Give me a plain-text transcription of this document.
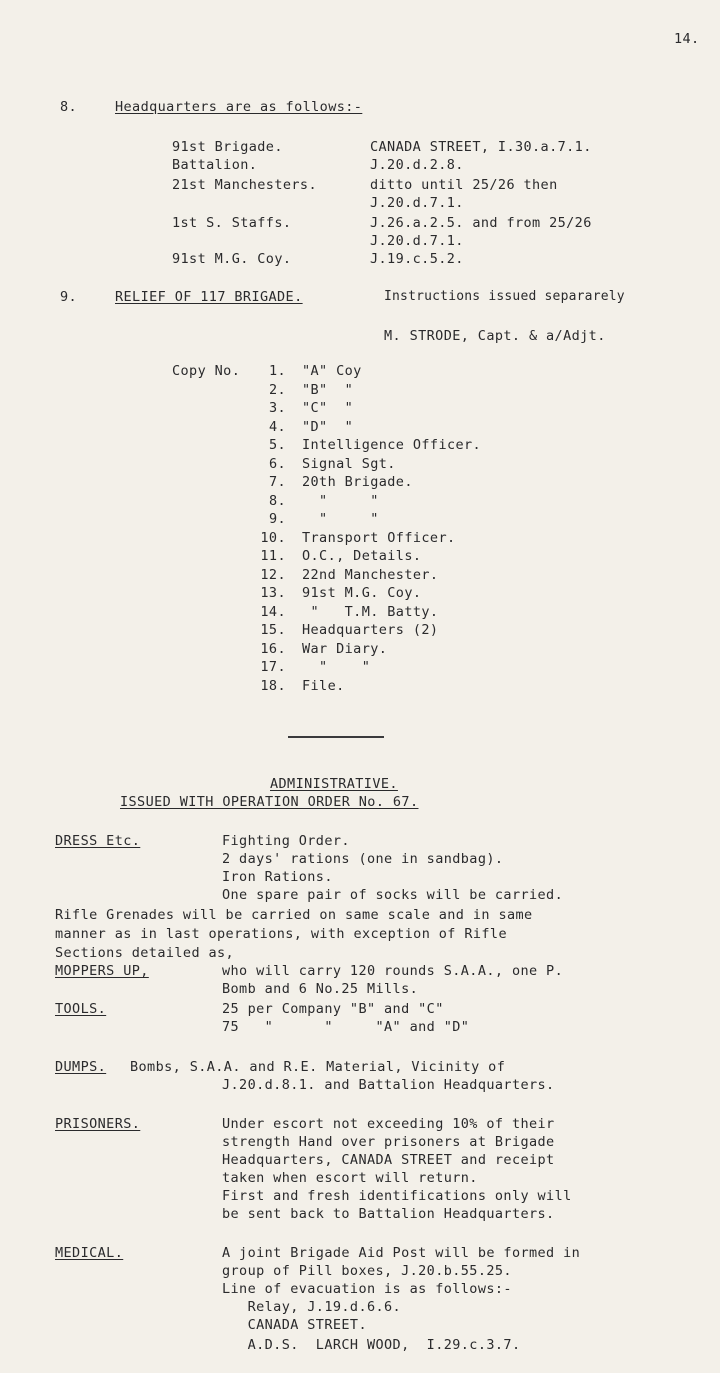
14.
8.	Headquarters are as follows:-
91st Brigade.	CANADA STREET, I.30.a.7.1.
Battalion.	J.20.d.2.8.
21st Manchesters.	ditto until 25/26 then
J.20.d.7.1.
1st S. Staffs.	J.26.a.2.5. and from 25/26
J.20.d.7.1.
91st M.G. Coy.	J.19.c.5.2.
9.	RELIEF OF 117 BRIGADE.	Instructions issued separarely
M. STRODE, Capt. & a/Adjt.
Copy No.	1. "A" Coy
2. "B"  "
3. "C"  "
4. "D"  "
5. Intelligence Officer.
6. Signal Sgt.
7. 20th Brigade.
8. "     "
9. "     "
10. Transport Officer.
11. O.C., Details.
12. 22nd Manchester.
13. 91st M.G. Coy.
14. "   T.M. Batty.
15. Headquarters (2)
16. War Diary.
17. "    "
18. File.
ADMINISTRATIVE.
ISSUED WITH OPERATION ORDER No. 67.
DRESS Etc.	Fighting Order.
2 days' rations (one in sandbag).
Iron Rations.
One spare pair of socks will be carried.
Rifle Grenades will be carried on same scale and in same
manner as in last operations, with exception of Rifle
Sections detailed as,
MOPPERS UP,	who will carry 120 rounds S.A.A., one P.
Bomb and 6 No.25 Mills.
TOOLS.	25 per Company "B" and "C"
75   "      "     "A" and "D"
DUMPS. Bombs, S.A.A. and R.E. Material, Vicinity of
J.20.d.8.1. and Battalion Headquarters.
PRISONERS.	Under escort not exceeding 10% of their
strength Hand over prisoners at Brigade
Headquarters, CANADA STREET and receipt
taken when escort will return.
First and fresh identifications only will
be sent back to Battalion Headquarters.
MEDICAL.	A joint Brigade Aid Post will be formed in
group of Pill boxes, J.20.b.55.25.
Line of evacuation is as follows:-
Relay, J.19.d.6.6.
CANADA STREET.
A.D.S.  LARCH WOOD,  I.29.c.3.7.
